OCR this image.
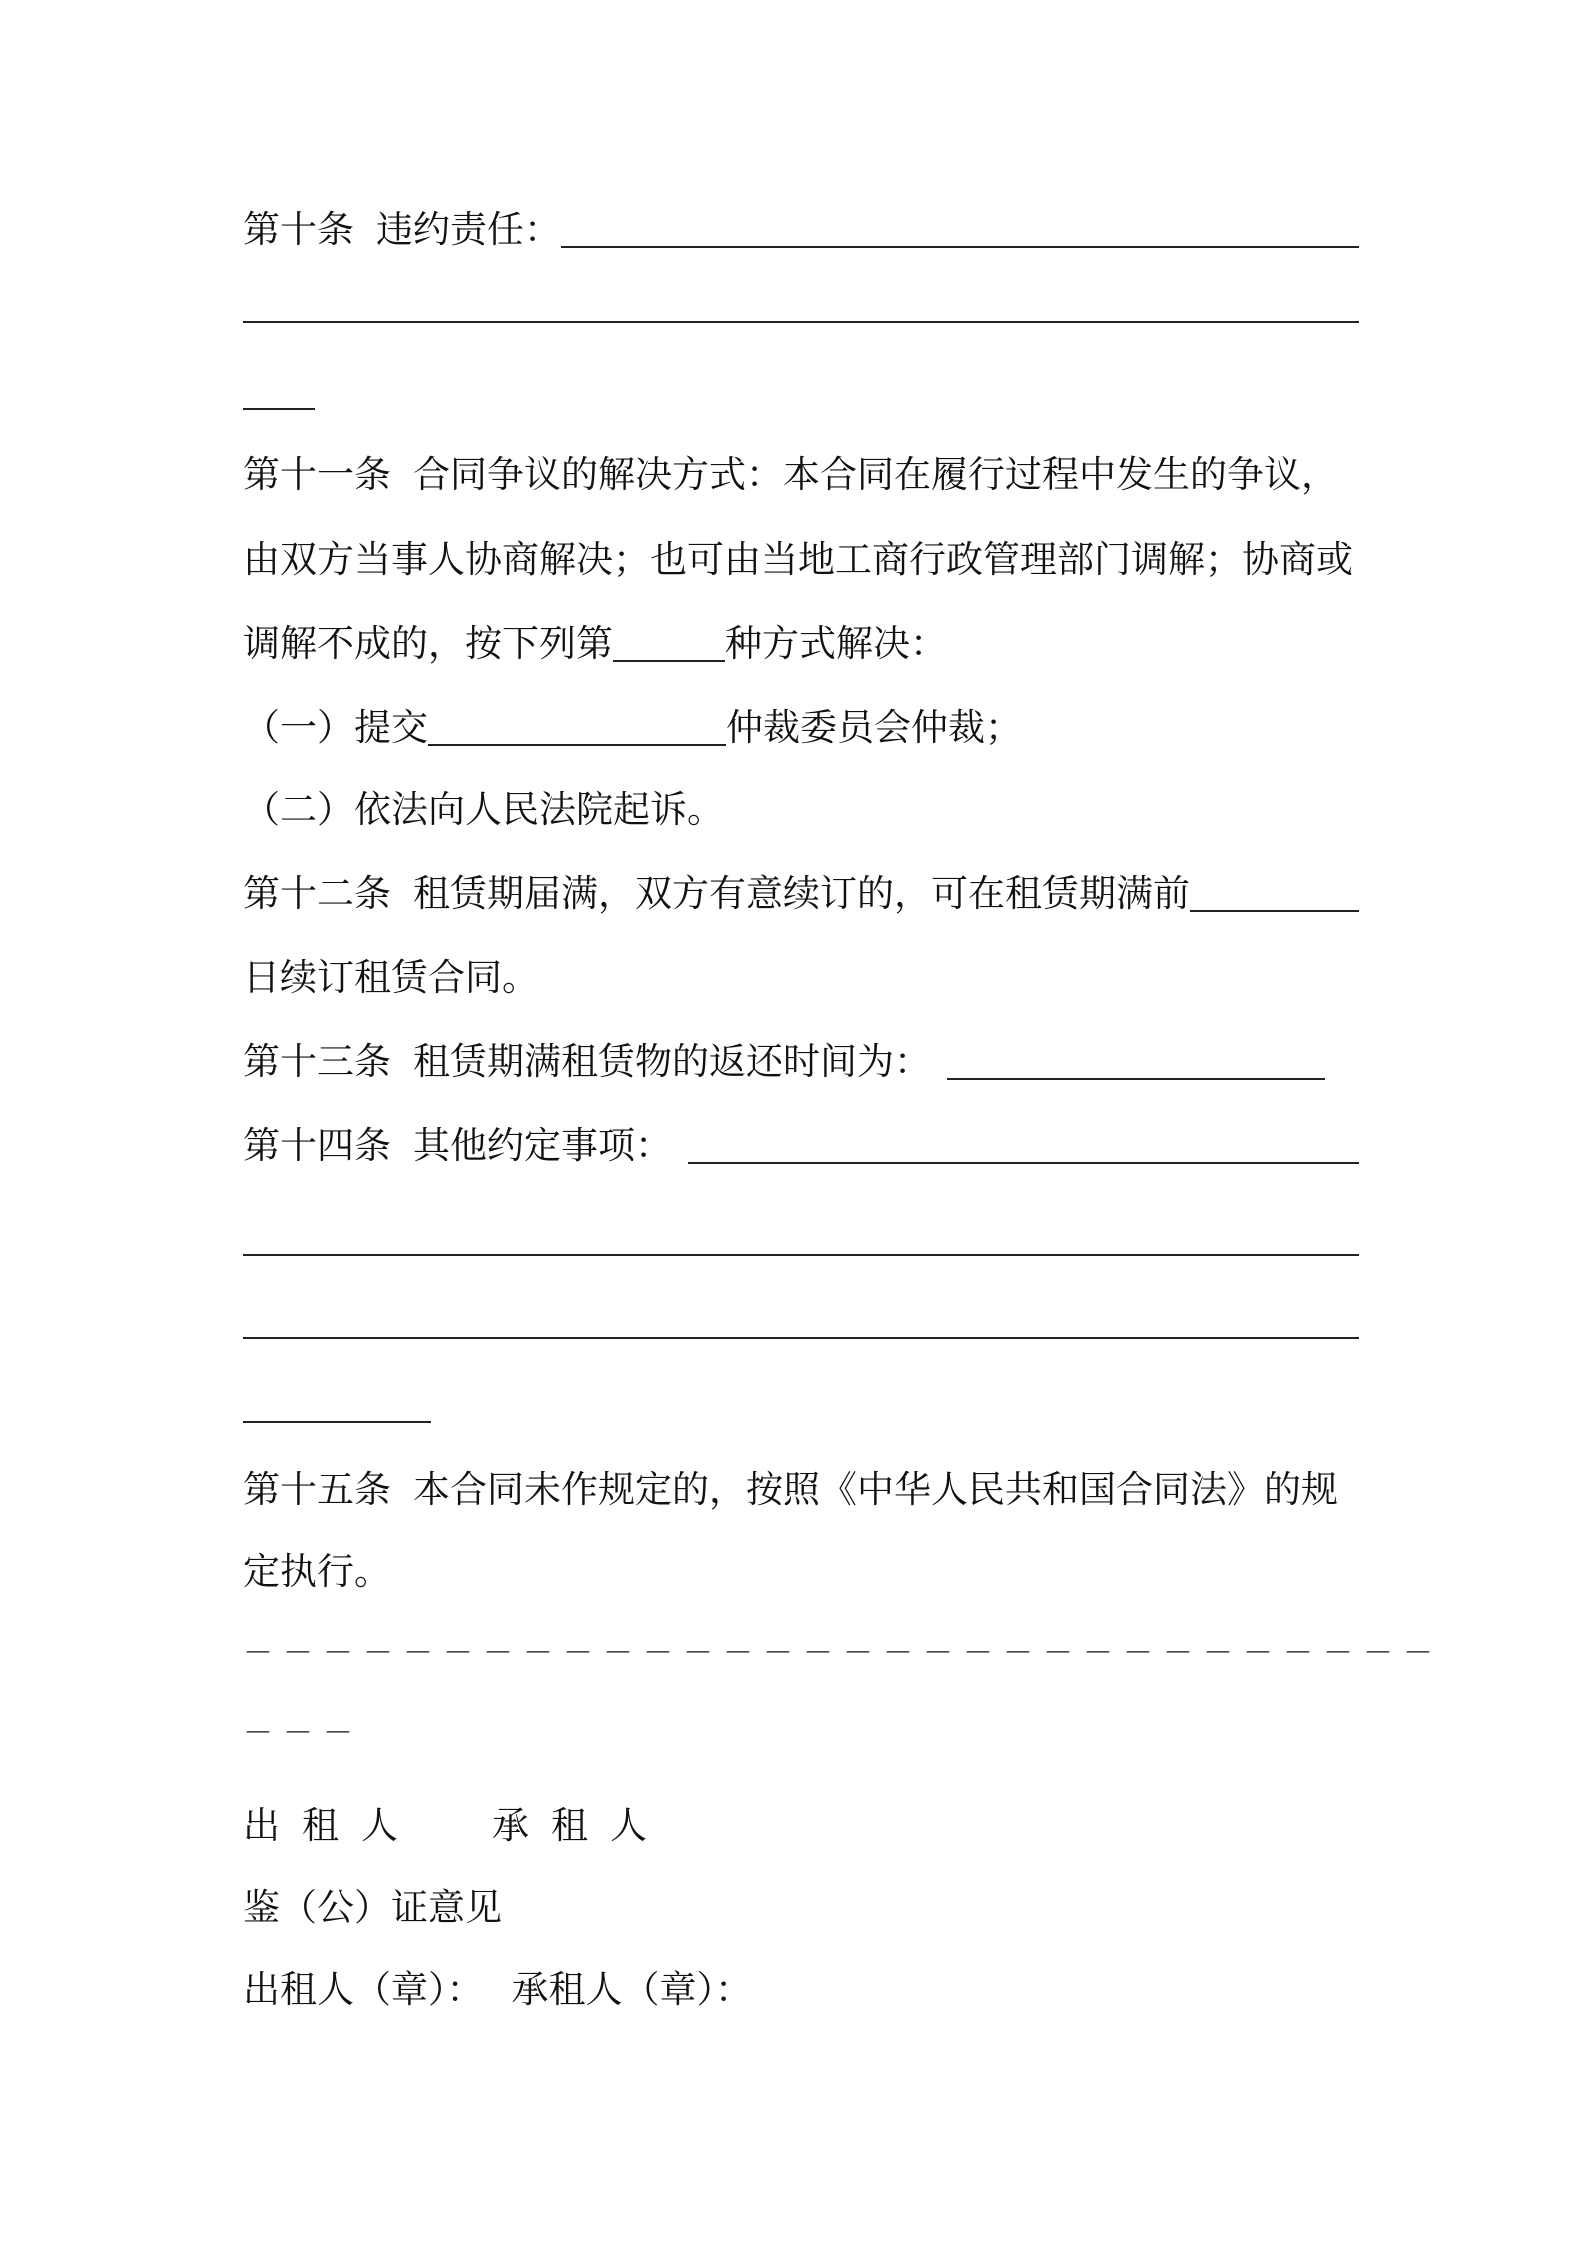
第十条 违约责任：
第十一条 合同争议的解决方式：本合同在履行过程中发生的争议，
由双方当事人协商解决；也可由当地工商行政管理部门调解；协商或
调解不成的，按下列第	种方式解决：
（一）提交	仲裁委员会仲裁；
（二）依法向人民法院起诉。
第十二条 租赁期届满，双方有意续订的，可在租赁期满前
日续订租赁合同。
第十三条 租赁期满租赁物的返还时间为：
第十四条 其他约定事项：
第十五条 本合同未作规定的，按照《中华人民共和国合同法》的规
定执行。
－－－－－－－－－－－－－－－－－－－－－－－－－－－－－－
－－－
出租人 承租人
鉴（公）证意见
出租人（章）： 承租人（章）：
